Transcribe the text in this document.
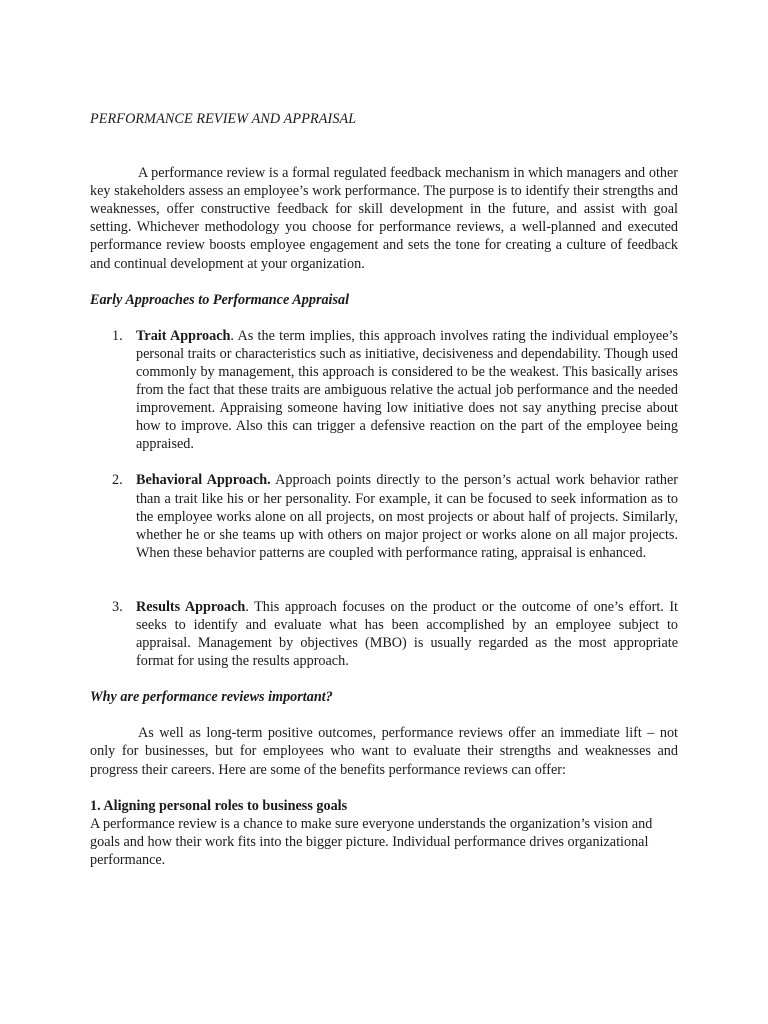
PERFORMANCE REVIEW AND APPRAISAL

A performance review is a formal regulated feedback mechanism in which managers and other key stakeholders assess an employee’s work performance. The purpose is to identify their strengths and weaknesses, offer constructive feedback for skill development in the future, and assist with goal setting. Whichever methodology you choose for performance reviews, a well-planned and executed performance review boosts employee engagement and sets the tone for creating a culture of feedback and continual development at your organization.

Early Approaches to Performance Appraisal

1. Trait Approach. As the term implies, this approach involves rating the individual employee’s personal traits or characteristics such as initiative, decisiveness and dependability. Though used commonly by management, this approach is considered to be the weakest. This basically arises from the fact that these traits are ambiguous relative the actual job performance and the needed improvement. Appraising someone having low initiative does not say anything precise about how to improve. Also this can trigger a defensive reaction on the part of the employee being appraised.
2. Behavioral Approach. Approach points directly to the person’s actual work behavior rather than a trait like his or her personality. For example, it can be focused to seek information as to the employee works alone on all projects, on most projects or about half of projects. Similarly, whether he or she teams up with others on major project or works alone on all major projects. When these behavior patterns are coupled with performance rating, appraisal is enhanced.
3. Results Approach. This approach focuses on the product or the outcome of one’s effort. It seeks to identify and evaluate what has been accomplished by an employee subject to appraisal. Management by objectives (MBO) is usually regarded as the most appropriate format for using the results approach.

Why are performance reviews important?

As well as long-term positive outcomes, performance reviews offer an immediate lift – not only for businesses, but for employees who want to evaluate their strengths and weaknesses and progress their careers. Here are some of the benefits performance reviews can offer:

1. Aligning personal roles to business goals

A performance review is a chance to make sure everyone understands the organization’s vision and goals and how their work fits into the bigger picture. Individual performance drives organizational performance.
